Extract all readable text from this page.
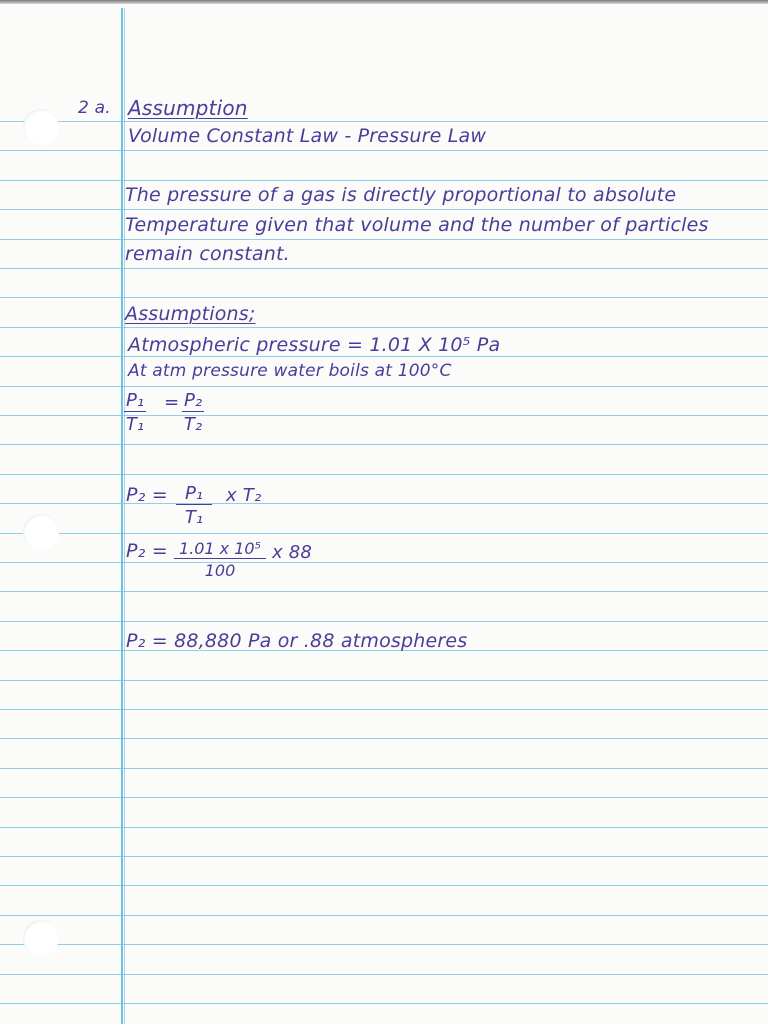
2 a. Assumption
Volume Constant Law - Pressure Law
The pressure of a gas is directly proportional to absolute
Temperature given that volume and the number of particles
remain constant.
Assumptions;
Atmospheric pressure = 1.01 X 10⁵ Pa
At atm pressure water boils at 100°C
$\frac{\text{P₁}}{\text{T₁}} = \frac{\text{P₂}}{\text{T₂}}$
$P_2 = \frac{\text{P₁}}{\text{T₁}}$ x T₂
$P_2 = \frac{\text{1.01 x 10⁵}}{100}$ x 88
P₂ = 88,880 Pa or .88 atmospheres
